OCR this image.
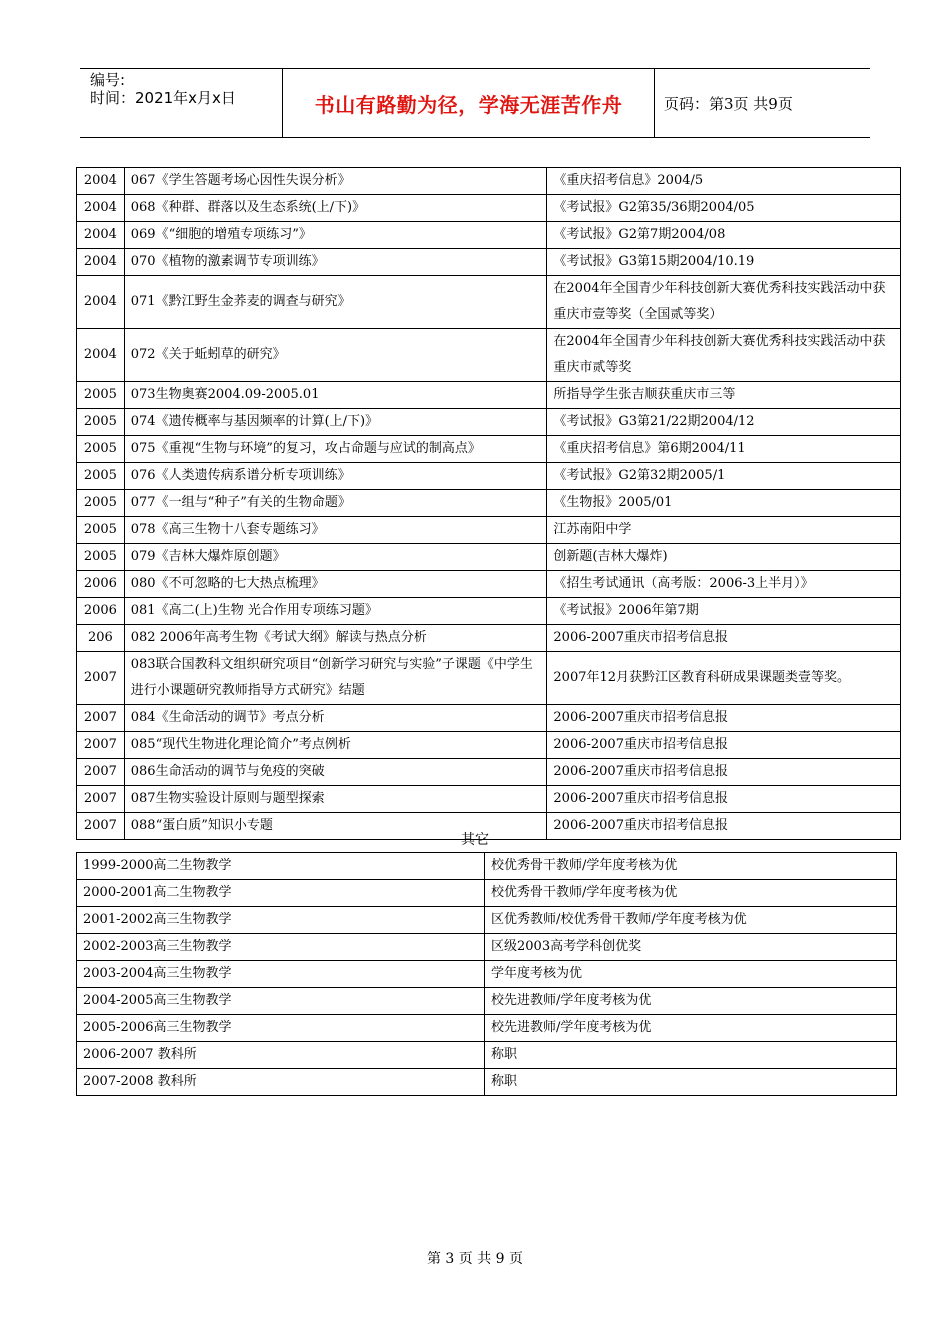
编号:
时间：2021年x月x日	书山有路勤为径，学海无涯苦作舟	页码：第3页 共9页
2004	067《学生答题考场心因性失误分析》	《重庆招考信息》2004/5
2004	068《种群、群落以及生态系统(上/下)》	《考试报》G2第35/36期2004/05
2004	069《“细胞的增殖专项练习”》	《考试报》G2第7期2004/08
2004	070《植物的激素调节专项训练》	《考试报》G3第15期2004/10.19
2004	071《黔江野生金荞麦的调查与研究》	在2004年全国青少年科技创新大赛优秀科技实践活动中获重庆市壹等奖（全国贰等奖）
2004	072《关于蚯蚓草的研究》	在2004年全国青少年科技创新大赛优秀科技实践活动中获重庆市贰等奖
2005	073生物奥赛2004.09-2005.01	所指导学生张吉顺获重庆市三等
2005	074《遗传概率与基因频率的计算(上/下)》	《考试报》G3第21/22期2004/12
2005	075《重视“生物与环境”的复习，攻占命题与应试的制高点》	《重庆招考信息》第6期2004/11
2005	076《人类遗传病系谱分析专项训练》	《考试报》G2第32期2005/1
2005	077《一组与“种子”有关的生物命题》	《生物报》2005/01
2005	078《高三生物十八套专题练习》	江苏南阳中学
2005	079《吉林大爆炸原创题》	创新题(吉林大爆炸)
2006	080《不可忽略的七大热点梳理》	《招生考试通讯（高考版：2006-3上半月）》
2006	081《高二(上)生物 光合作用专项练习题》	《考试报》2006年第7期
206	082 2006年高考生物《考试大纲》解读与热点分析	2006-2007重庆市招考信息报
2007	083联合国教科文组织研究项目“创新学习研究与实验”子课题《中学生进行小课题研究教师指导方式研究》结题	2007年12月获黔江区教育科研成果课题类壹等奖。
2007	084《生命活动的调节》考点分析	2006-2007重庆市招考信息报
2007	085“现代生物进化理论简介”考点例析	2006-2007重庆市招考信息报
2007	086生命活动的调节与免疫的突破	2006-2007重庆市招考信息报
2007	087生物实验设计原则与题型探索	2006-2007重庆市招考信息报
2007	088“蛋白质”知识小专题	2006-2007重庆市招考信息报
其它
1999-2000高二生物教学	校优秀骨干教师/学年度考核为优
2000-2001高二生物教学	校优秀骨干教师/学年度考核为优
2001-2002高三生物教学	区优秀教师/校优秀骨干教师/学年度考核为优
2002-2003高三生物教学	区级2003高考学科创优奖
2003-2004高三生物教学	学年度考核为优
2004-2005高三生物教学	校先进教师/学年度考核为优
2005-2006高三生物教学	校先进教师/学年度考核为优
2006-2007 教科所	称职
2007-2008 教科所	称职
第 3 页 共 9 页
